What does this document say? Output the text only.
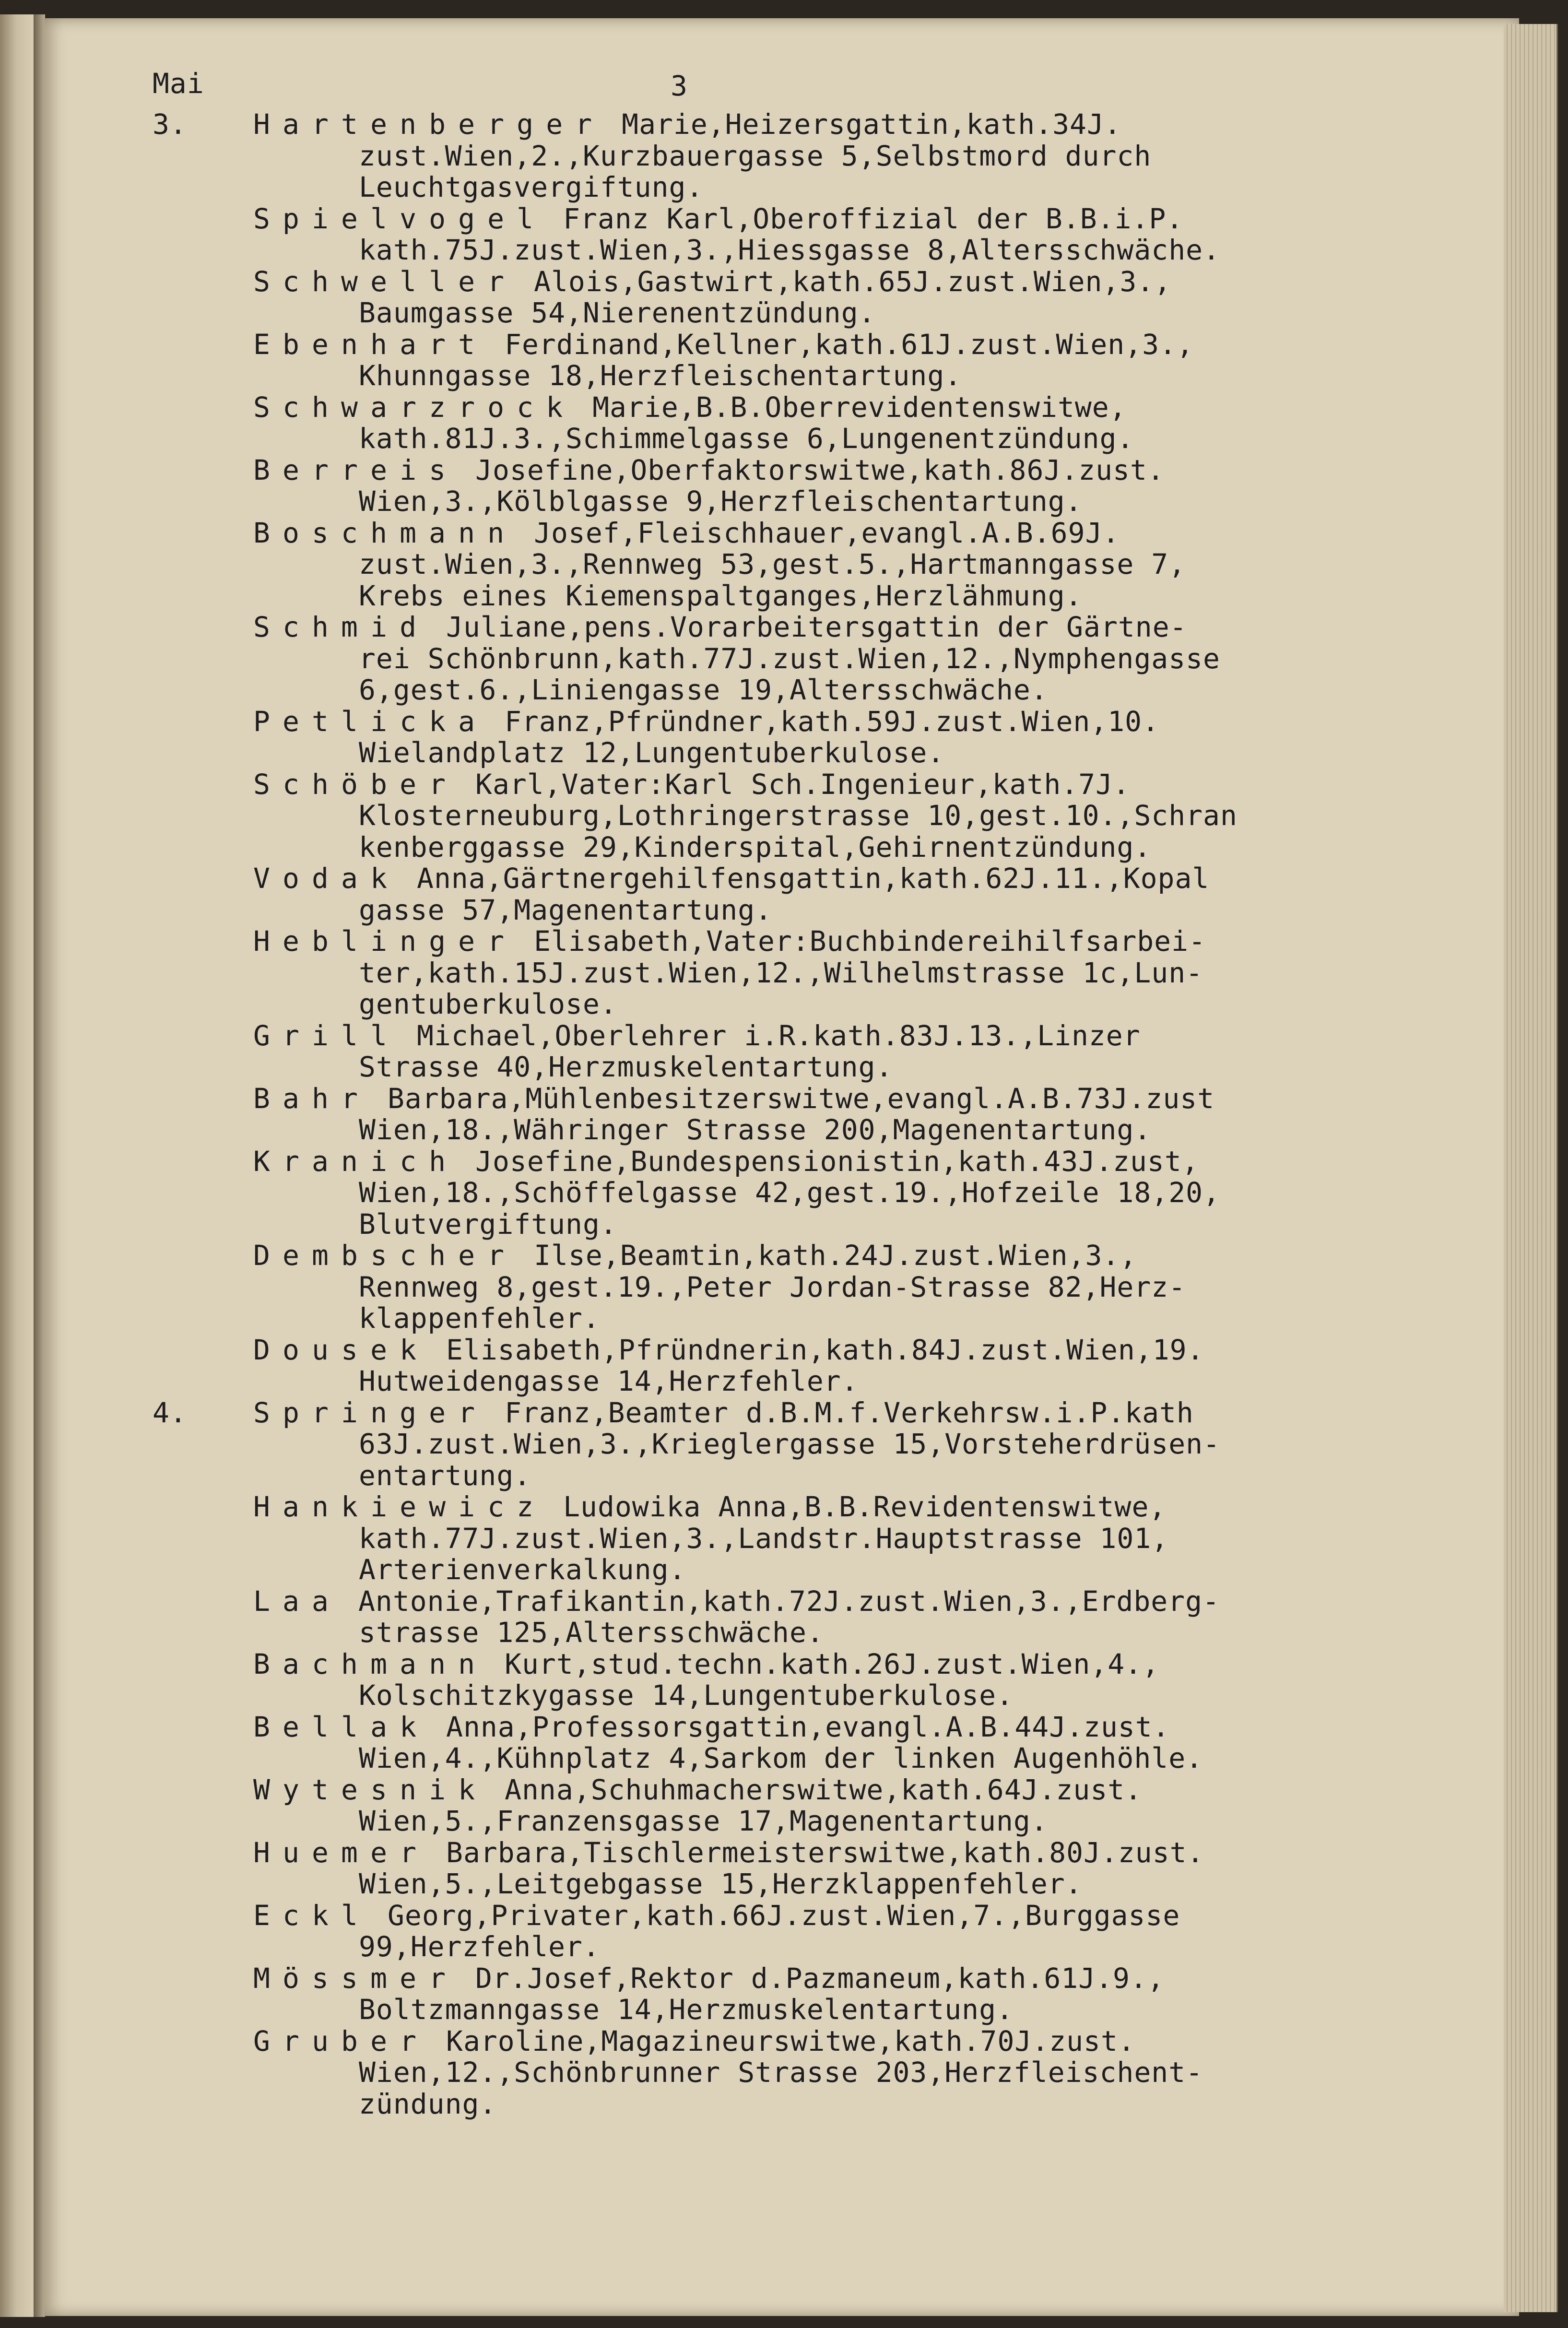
Mai	3
3. Hartenberger Marie,Heizersgattin,kath.34J.
zust.Wien,2.,Kurzbauergasse 5,Selbstmord durch
Leuchtgasvergiftung.
Spielvogel Franz Karl,Oberoffizial der B.B.i.P.
kath.75J.zust.Wien,3.,Hiessgasse 8,Altersschwäche.
Schweller Alois,Gastwirt,kath.65J.zust.Wien,3.,
Baumgasse 54,Nierenentzündung.
Ebenhart Ferdinand,Kellner,kath.61J.zust.Wien,3.,
Khunngasse 18,Herzfleischentartung.
Schwarzrock Marie,B.B.Oberrevidentenswitwe,
kath.81J.3.,Schimmelgasse 6,Lungenentzündung.
Berreis Josefine,Oberfaktorswitwe,kath.86J.zust.
Wien,3.,Kölblgasse 9,Herzfleischentartung.
Boschmann Josef,Fleischhauer,evangl.A.B.69J.
zust.Wien,3.,Rennweg 53,gest.5.,Hartmanngasse 7,
Krebs eines Kiemenspaltganges,Herzlähmung.
Schmid Juliane,pens.Vorarbeitersgattin der Gärtne-
rei Schönbrunn,kath.77J.zust.Wien,12.,Nymphengasse
6,gest.6.,Liniengasse 19,Altersschwäche.
Petlicka Franz,Pfründner,kath.59J.zust.Wien,10.
Wielandplatz 12,Lungentuberkulose.
Schöber Karl,Vater:Karl Sch.Ingenieur,kath.7J.
Klosterneuburg,Lothringerstrasse 10,gest.10.,Schran
kenberggasse 29,Kinderspital,Gehirnentzündung.
Vodak Anna,Gärtnergehilfensgattin,kath.62J.11.,Kopal
gasse 57,Magenentartung.
Heblinger Elisabeth,Vater:Buchbindereihilfsarbei-
ter,kath.15J.zust.Wien,12.,Wilhelmstrasse 1c,Lun-
gentuberkulose.
Grill Michael,Oberlehrer i.R.kath.83J.13.,Linzer
Strasse 40,Herzmuskelentartung.
Bahr Barbara,Mühlenbesitzerswitwe,evangl.A.B.73J.zust
Wien,18.,Währinger Strasse 200,Magenentartung.
Kranich Josefine,Bundespensionistin,kath.43J.zust,
Wien,18.,Schöffelgasse 42,gest.19.,Hofzeile 18,20,
Blutvergiftung.
Dembscher Ilse,Beamtin,kath.24J.zust.Wien,3.,
Rennweg 8,gest.19.,Peter Jordan-Strasse 82,Herz-
klappenfehler.
Dousek Elisabeth,Pfründnerin,kath.84J.zust.Wien,19.
Hutweidengasse 14,Herzfehler.
4. Springer Franz,Beamter d.B.M.f.Verkehrsw.i.P.kath
63J.zust.Wien,3.,Krieglergasse 15,Vorsteherdrüsen-
entartung.
Hankiewicz Ludowika Anna,B.B.Revidentenswitwe,
kath.77J.zust.Wien,3.,Landstr.Hauptstrasse 101,
Arterienverkalkung.
Laa Antonie,Trafikantin,kath.72J.zust.Wien,3.,Erdberg-
strasse 125,Altersschwäche.
Bachmann Kurt,stud.techn.kath.26J.zust.Wien,4.,
Kolschitzkygasse 14,Lungentuberkulose.
Bellak Anna,Professorsgattin,evangl.A.B.44J.zust.
Wien,4.,Kühnplatz 4,Sarkom der linken Augenhöhle.
Wytesnik Anna,Schuhmacherswitwe,kath.64J.zust.
Wien,5.,Franzensgasse 17,Magenentartung.
Huemer Barbara,Tischlermeisterswitwe,kath.80J.zust.
Wien,5.,Leitgebgasse 15,Herzklappenfehler.
Eckl Georg,Privater,kath.66J.zust.Wien,7.,Burggasse
99,Herzfehler.
Mössmer Dr.Josef,Rektor d.Pazmaneum,kath.61J.9.,
Boltzmanngasse 14,Herzmuskelentartung.
Gruber Karoline,Magazineurswitwe,kath.70J.zust.
Wien,12.,Schönbrunner Strasse 203,Herzfleischent-
zündung.
